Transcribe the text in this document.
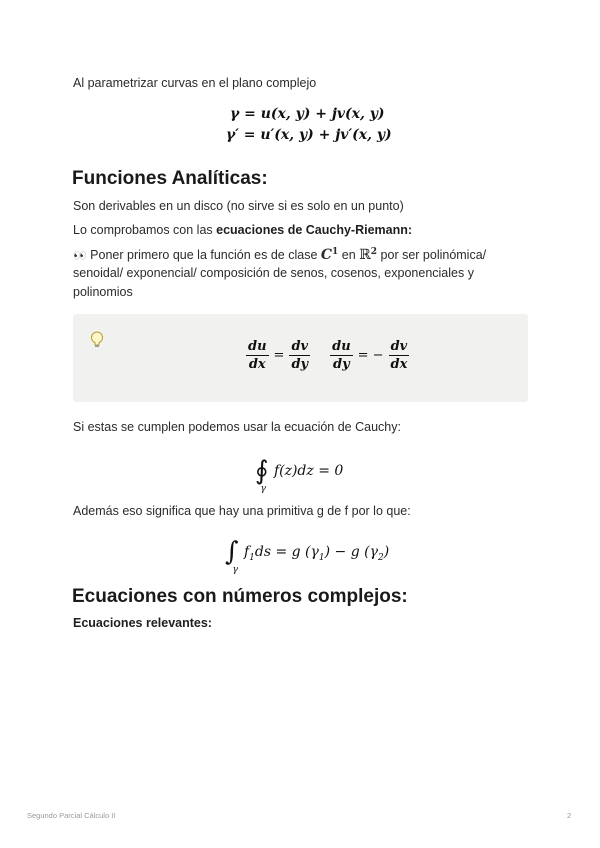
Al parametrizar curvas en el plano complejo

γ = u(x, y) + jv(x, y)
γ′ = u′(x, y) + jv′(x, y)
Funciones Analíticas:

Son derivables en un disco (no sirve si es solo en un punto)

Lo comprobamos con las ecuaciones de Cauchy-Riemann:

👀 Poner primero que la función es de clase $C^1$ en ℝ$^2$ por ser polinómica/

senoidal/ exponencial/ composición de senos, cosenos, exponenciales y

polinomios

$\frac{du}{dx} = \frac{dv}{dy} \frac{du}{dy}$ = − $\frac{dv}{dx}$

Si estas se cumplen podemos usar la ecuación de Cauchy:

$∮_\gamma f(z)dz = 0$

Además eso significa que hay una primitiva g de f por lo que:

$\int_\gamma f_1ds = g$ $(\gamma_1) - g$ $(\gamma_2)$
Ecuaciones con números complejos:

Ecuaciones relevantes:

Segundo Parcial Cálculo II	2
